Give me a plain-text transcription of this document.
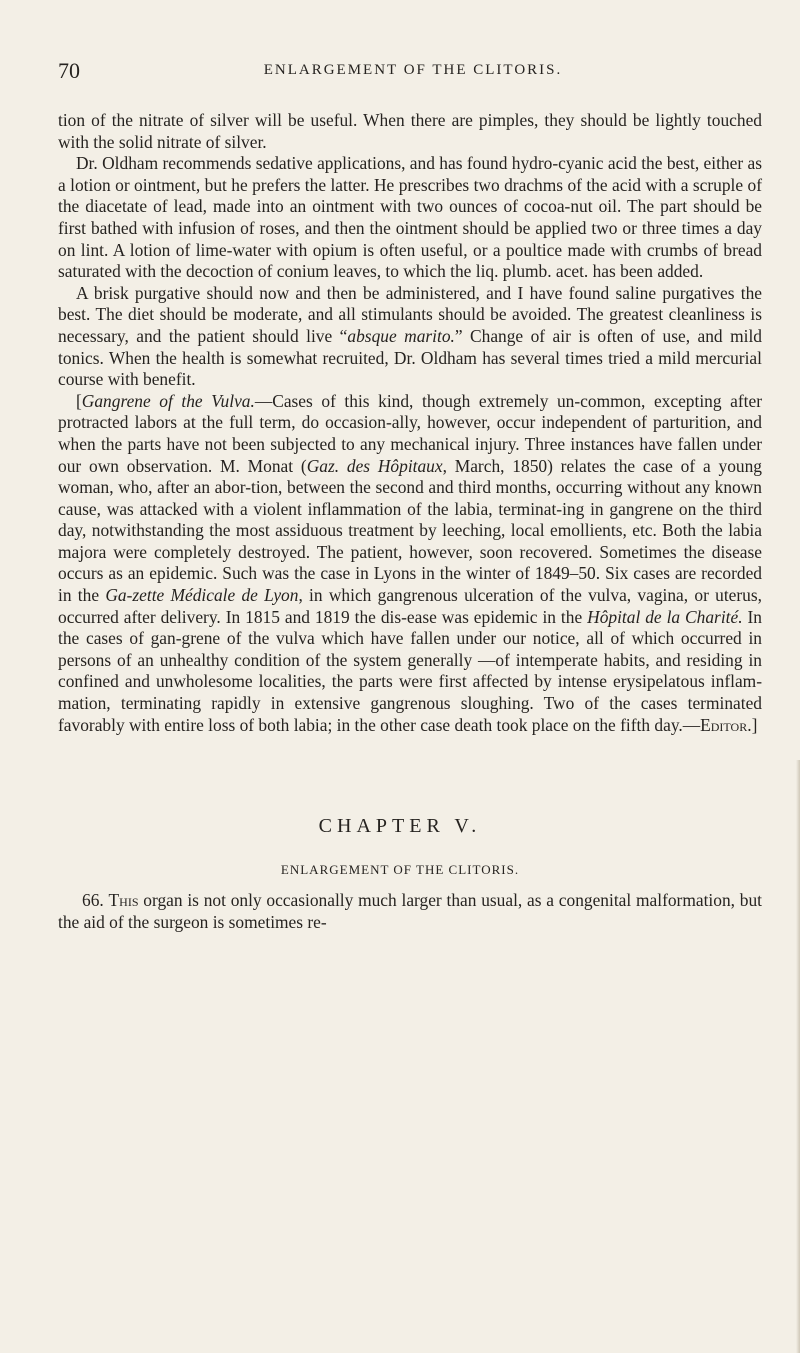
70	ENLARGEMENT OF THE CLITORIS.

tion of the nitrate of silver will be useful. When there are pimples, they should be lightly touched with the solid nitrate of silver.

Dr. Oldham recommends sedative applications, and has found hydro-cyanic acid the best, either as a lotion or ointment, but he prefers the latter. He prescribes two drachms of the acid with a scruple of the diacetate of lead, made into an ointment with two ounces of cocoa-nut oil. The part should be first bathed with infusion of roses, and then the ointment should be applied two or three times a day on lint. A lotion of lime-water with opium is often useful, or a poultice made with crumbs of bread saturated with the decoction of conium leaves, to which the liq. plumb. acet. has been added.

A brisk purgative should now and then be administered, and I have found saline purgatives the best. The diet should be moderate, and all stimulants should be avoided. The greatest cleanliness is necessary, and the patient should live “absque marito.” Change of air is often of use, and mild tonics. When the health is somewhat recruited, Dr. Oldham has several times tried a mild mercurial course with benefit.

[Gangrene of the Vulva.—Cases of this kind, though extremely un-common, excepting after protracted labors at the full term, do occasion-ally, however, occur independent of parturition, and when the parts have not been subjected to any mechanical injury. Three instances have fallen under our own observation. M. Monat (Gaz. des Hôpitaux, March, 1850) relates the case of a young woman, who, after an abor-tion, between the second and third months, occurring without any known cause, was attacked with a violent inflammation of the labia, terminat-ing in gangrene on the third day, notwithstanding the most assiduous treatment by leeching, local emollients, etc. Both the labia majora were completely destroyed. The patient, however, soon recovered. Sometimes the disease occurs as an epidemic. Such was the case in Lyons in the winter of 1849–50. Six cases are recorded in the Ga-zette Médicale de Lyon, in which gangrenous ulceration of the vulva, vagina, or uterus, occurred after delivery. In 1815 and 1819 the dis-ease was epidemic in the Hôpital de la Charité. In the cases of gan-grene of the vulva which have fallen under our notice, all of which occurred in persons of an unhealthy condition of the system generally —of intemperate habits, and residing in confined and unwholesome localities, the parts were first affected by intense erysipelatous inflam-mation, terminating rapidly in extensive gangrenous sloughing. Two of the cases terminated favorably with entire loss of both labia; in the other case death took place on the fifth day.—Editor.]

CHAPTER V.
ENLARGEMENT OF THE CLITORIS.

66. This organ is not only occasionally much larger than usual, as a congenital malformation, but the aid of the surgeon is sometimes re-
